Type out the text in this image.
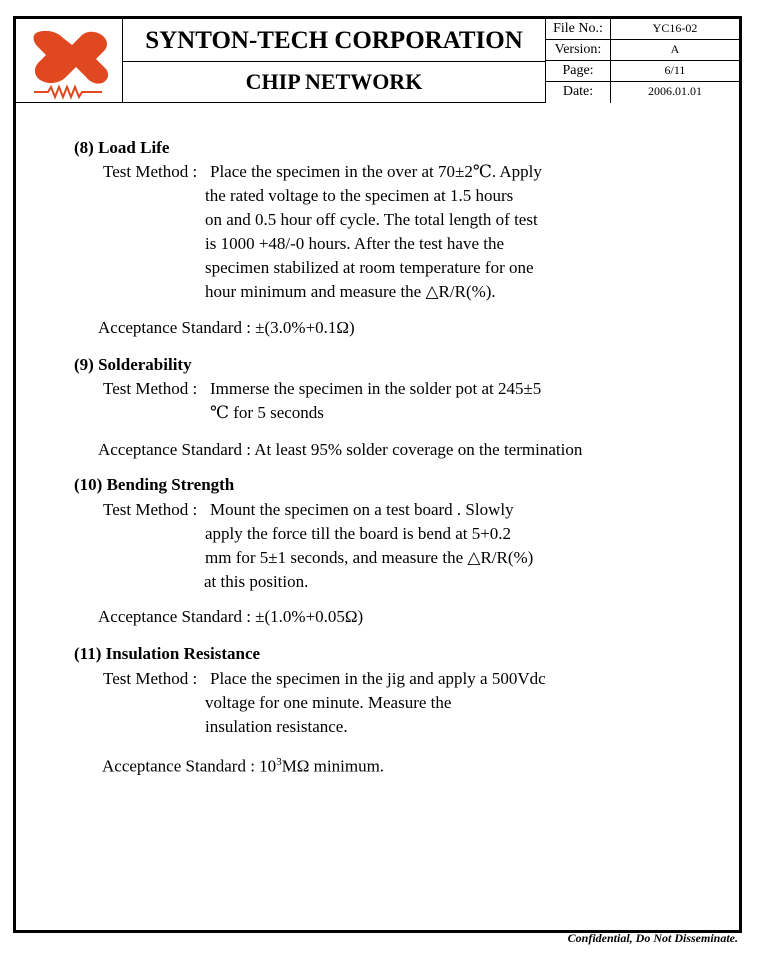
SYNTON-TECH CORPORATION
CHIP NETWORK
File No.:	YC16-02
Version:	A
Page:	6/11
Date:	2006.01.01
(8) Load Life
Test Method : Place the specimen in the over at 70±2℃. Apply
the rated voltage to the specimen at 1.5 hours
on and 0.5 hour off cycle. The total length of test
is 1000 +48/-0 hours. After the test have the
specimen stabilized at room temperature for one
hour minimum and measure the △R/R(%).
Acceptance Standard : ±(3.0%+0.1Ω)
(9) Solderability
Test Method : Immerse the specimen in the solder pot at 245±5
℃ for 5 seconds
Acceptance Standard : At least 95% solder coverage on the termination
(10) Bending Strength
Test Method : Mount the specimen on a test board . Slowly
apply the force till the board is bend at 5+0.2
mm for 5±1 seconds, and measure the △R/R(%)
at this position.
Acceptance Standard : ±(1.0%+0.05Ω)
(11) Insulation Resistance
Test Method : Place the specimen in the jig and apply a 500Vdc
voltage for one minute. Measure the
insulation resistance.
Acceptance Standard : $10^3M\Omega$ minimum.
Confidential, Do Not Disseminate.
